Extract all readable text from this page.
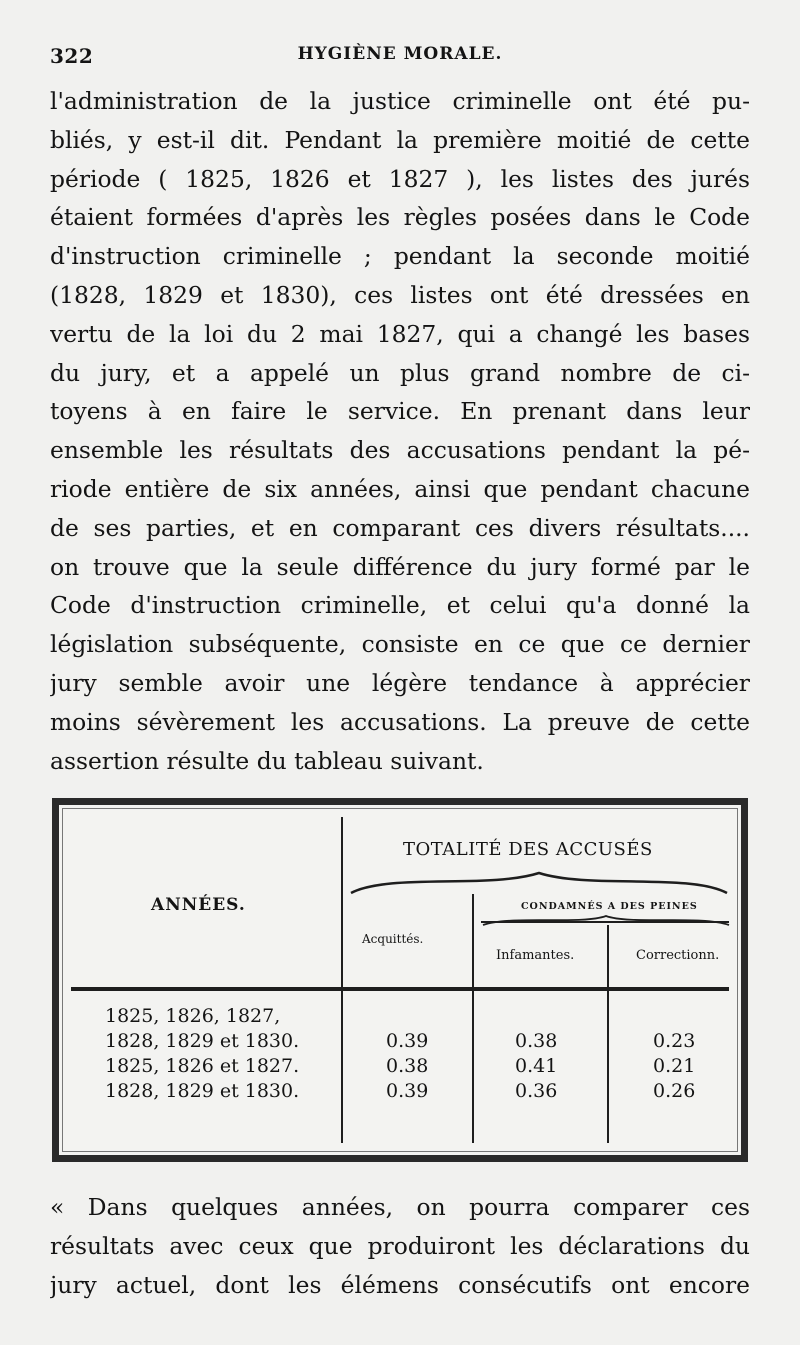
322	HYGIÈNE MORALE.
l'administration de la justice criminelle ont été pu-
bliés, y est-il dit. Pendant la première moitié de cette
période ( 1825, 1826 et 1827 ), les listes des jurés
étaient formées d'après les règles posées dans le Code
d'instruction criminelle ; pendant la seconde moitié
(1828, 1829 et 1830), ces listes ont été dressées en
vertu de la loi du 2 mai 1827, qui a changé les bases
du jury, et a appelé un plus grand nombre de ci-
toyens à en faire le service. En prenant dans leur
ensemble les résultats des accusations pendant la pé-
riode entière de six années, ainsi que pendant chacune
de ses parties, et en comparant ces divers résultats....
on trouve que la seule différence du jury formé par le
Code d'instruction criminelle, et celui qu'a donné la
législation subséquente, consiste en ce que ce dernier
jury semble avoir une légère tendance à apprécier
moins sévèrement les accusations. La preuve de cette
assertion résulte du tableau suivant.
ANNÉES.
TOTALITÉ DES ACCUSÉS
CONDAMNÉS A DES PEINES
Acquittés.
Infamantes.	Correctionn.
1825, 1826, 1827,
1828, 1829 et 1830.	0.39	0.38	0.23
1825, 1826 et 1827.	0.38	0.41	0.21
1828, 1829 et 1830.	0.39	0.36	0.26
« Dans quelques années, on pourra comparer ces
résultats avec ceux que produiront les déclarations du
jury actuel, dont les élémens consécutifs ont encore
